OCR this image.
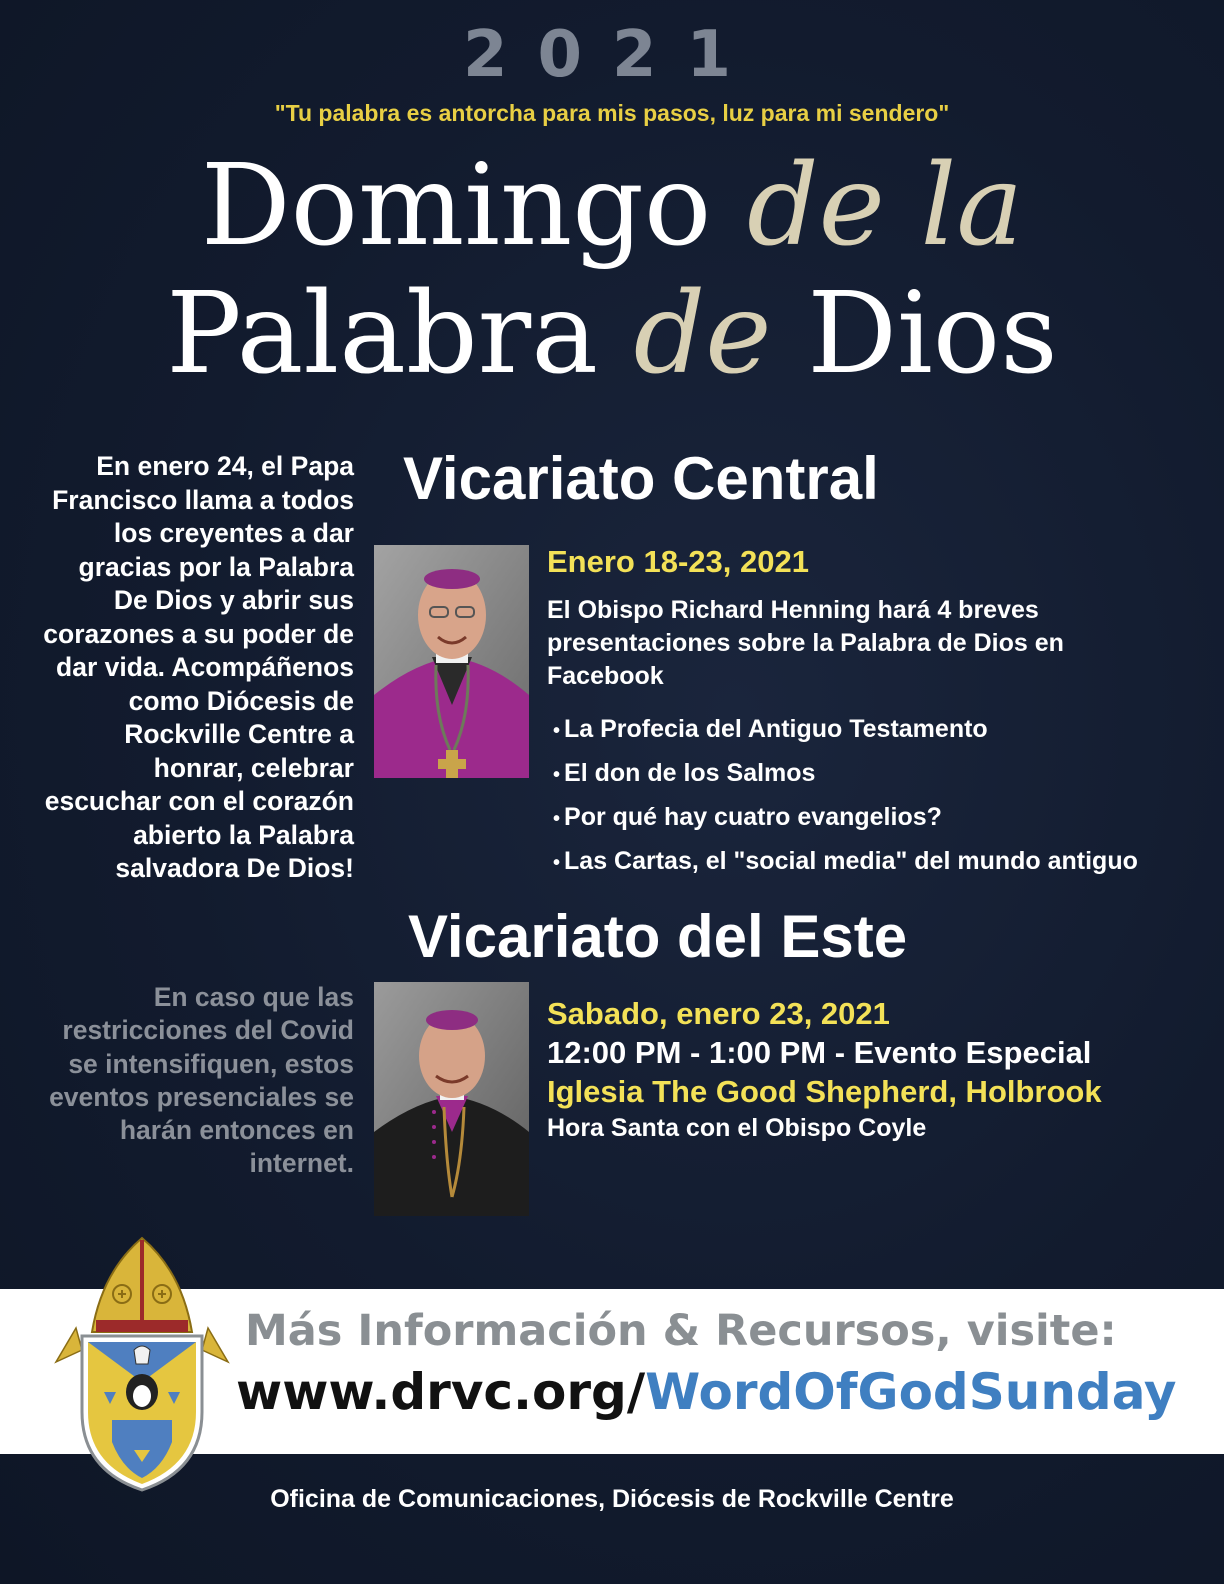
2021
"Tu palabra es antorcha para mis pasos, luz para mi sendero"
Domingo de la
Palabra de Dios
En enero 24, el Papa Francisco llama a todos los creyentes a dar gracias por la Palabra De Dios y abrir sus corazones a su poder de dar vida. Acompáñenos como Diócesis de Rockville Centre a honrar, celebrar escuchar con el corazón abierto la Palabra salvadora De Dios!
En caso que las restricciones del Covid se intensifiquen, estos eventos presenciales se harán entonces en internet.
Vicariato Central
Enero 18-23, 2021
El Obispo Richard Henning hará 4 breves presentaciones sobre la Palabra de Dios en Facebook
• La Profecia del Antiguo Testamento
• El don de los Salmos
• Por qué hay cuatro evangelios?
• Las Cartas, el "social media" del mundo antiguo
Vicariato del Este
Sabado, enero 23, 2021
12:00 PM - 1:00 PM - Evento Especial
Iglesia The Good Shepherd, Holbrook
Hora Santa con el Obispo Coyle
Más Información & Recursos, visite:
www.drvc.org/WordOfGodSunday
Oficina de Comunicaciones, Diócesis de Rockville Centre
